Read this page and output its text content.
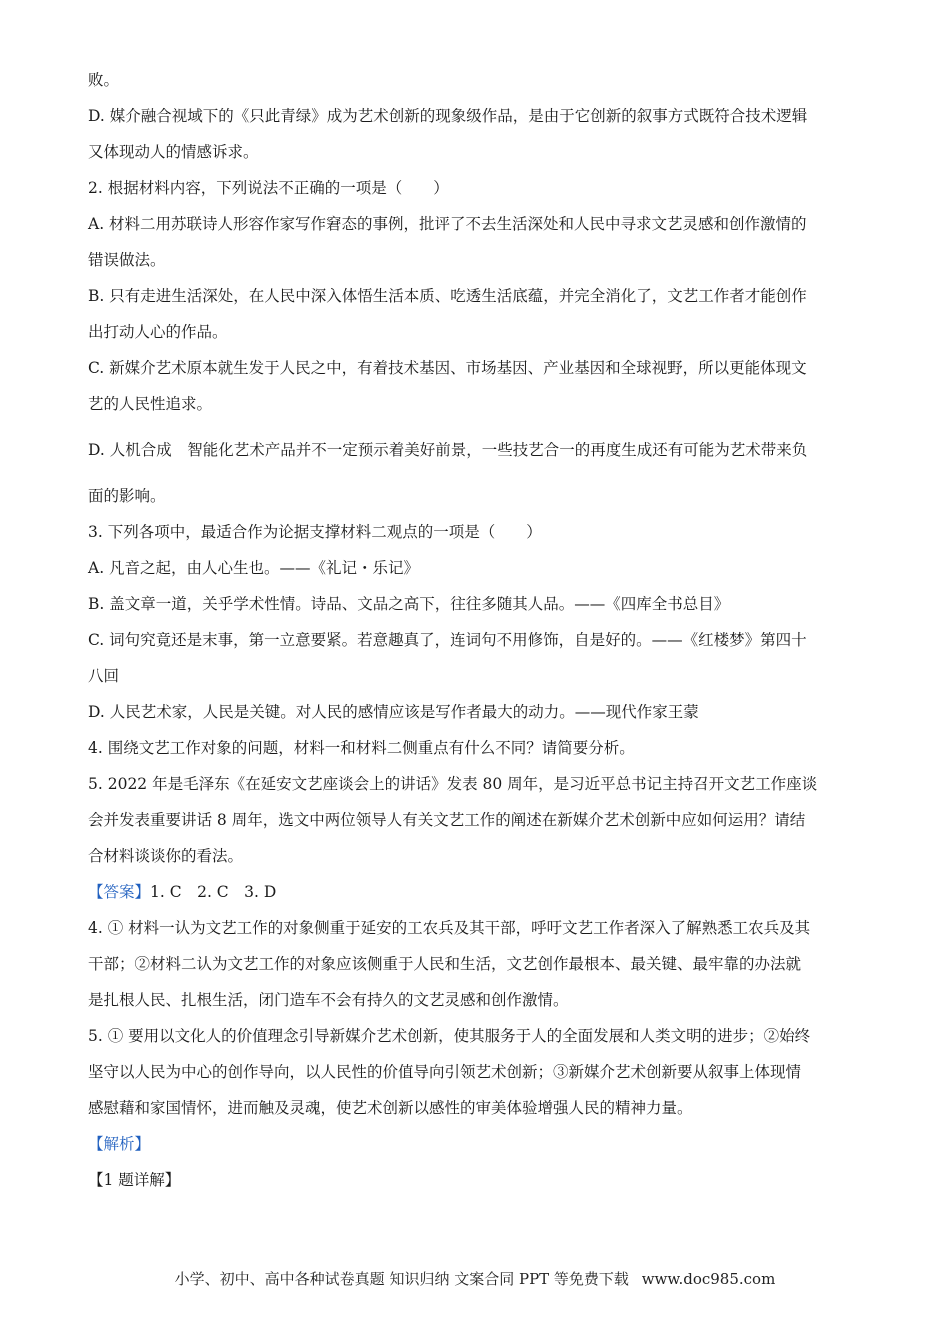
败。

D. 媒介融合视域下的《只此青绿》成为艺术创新的现象级作品，是由于它创新的叙事方式既符合技术逻辑

又体现动人的情感诉求。

2. 根据材料内容，下列说法不正确的一项是（　　）

A. 材料二用苏联诗人形容作家写作窘态的事例，批评了不去生活深处和人民中寻求文艺灵感和创作激情的

错误做法。

B. 只有走进生活深处，在人民中深入体悟生活本质、吃透生活底蕴，并完全消化了，文艺工作者才能创作

出打动人心的作品。

C. 新媒介艺术原本就生发于人民之中，有着技术基因、市场基因、产业基因和全球视野，所以更能体现文

艺的人民性追求。

D. 人机合成　智能化艺术产品并不一定预示着美好前景，一些技艺合一的再度生成还有可能为艺术带来负

面的影响。

3. 下列各项中，最适合作为论据支撑材料二观点的一项是（　　）

A. 凡音之起，由人心生也。——《礼记・乐记》

B. 盖文章一道，关乎学术性情。诗品、文品之高下，往往多随其人品。——《四库全书总目》

C. 词句究竟还是末事，第一立意要紧。若意趣真了，连词句不用修饰，自是好的。——《红楼梦》第四十

八回

D. 人民艺术家，人民是关键。对人民的感情应该是写作者最大的动力。——现代作家王蒙

4. 围绕文艺工作对象的问题，材料一和材料二侧重点有什么不同？请简要分析。

5. 2022 年是毛泽东《在延安文艺座谈会上的讲话》发表 80 周年，是习近平总书记主持召开文艺工作座谈

会并发表重要讲话 8 周年，选文中两位领导人有关文艺工作的阐述在新媒介艺术创新中应如何运用？请结

合材料谈谈你的看法。

【答案】1. C　2. C　3. D

4. ① 材料一认为文艺工作的对象侧重于延安的工农兵及其干部，呼吁文艺工作者深入了解熟悉工农兵及其

干部；②材料二认为文艺工作的对象应该侧重于人民和生活，文艺创作最根本、最关键、最牢靠的办法就

是扎根人民、扎根生活，闭门造车不会有持久的文艺灵感和创作激情。

5. ① 要用以文化人的价值理念引导新媒介艺术创新，使其服务于人的全面发展和人类文明的进步；②始终

坚守以人民为中心的创作导向，以人民性的价值导向引领艺术创新；③新媒介艺术创新要从叙事上体现情

感慰藉和家国情怀，进而触及灵魂，使艺术创新以感性的审美体验增强人民的精神力量。

【解析】

【1 题详解】

小学、初中、高中各种试卷真题 知识归纳 文案合同 PPT 等免费下载 www.doc985.com
